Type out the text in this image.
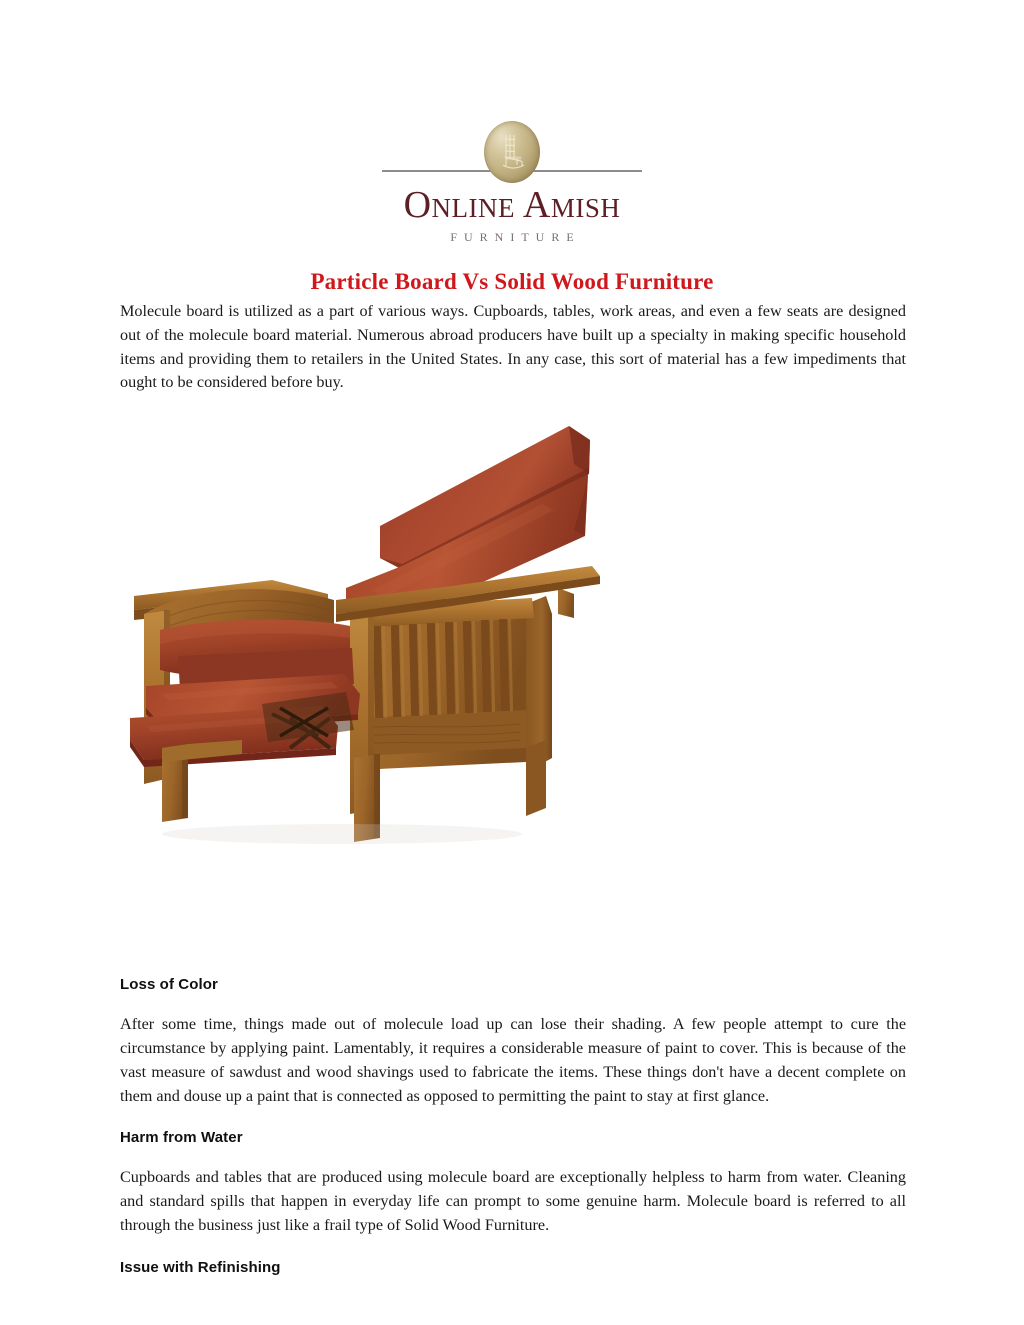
Online Amish
FURNITURE
Particle Board Vs Solid Wood Furniture

Molecule board is utilized as a part of various ways. Cupboards, tables, work areas, and even a few seats are designed out of the molecule board material. Numerous abroad producers have built up a specialty in making specific household items and providing them to retailers in the United States. In any case, this sort of material has a few impediments that ought to be considered before buy.

Loss of Color

After some time, things made out of molecule load up can lose their shading. A few people attempt to cure the circumstance by applying paint. Lamentably, it requires a considerable measure of paint to cover. This is because of the vast measure of sawdust and wood shavings used to fabricate the items. These things don't have a decent complete on them and douse up a paint that is connected as opposed to permitting the paint to stay at first glance.

Harm from Water

Cupboards and tables that are produced using molecule board are exceptionally helpless to harm from water. Cleaning and standard spills that happen in everyday life can prompt to some genuine harm. Molecule board is referred to all through the business just like a frail type of Solid Wood Furniture.

Issue with Refinishing
